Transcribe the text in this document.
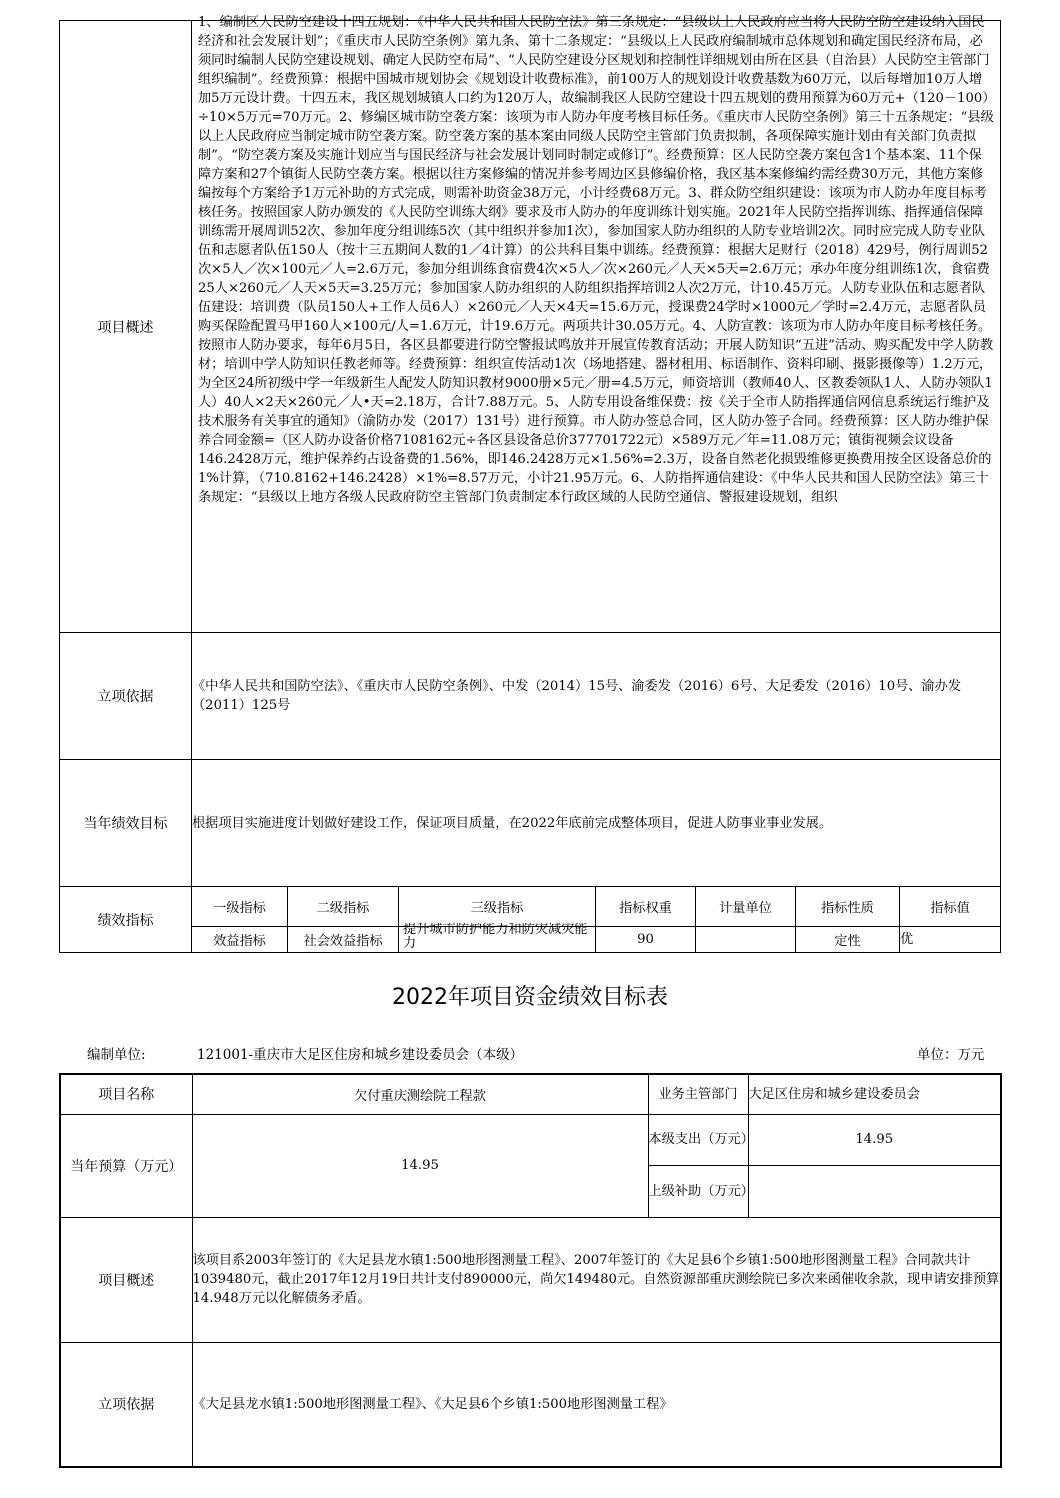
项目概述	1、编制区人民防空建设十四五规划：《中华人民共和国人民防空法》第三条规定：“县级以上人民政府应当将人民防空防空建设纳入国民经济和社会发展计划”；《重庆市人民防空条例》第九条、第十二条规定：“县级以上人民政府编制城市总体规划和确定国民经济布局，必须同时编制人民防空建设规划、确定人民防空布局”、“人民防空建设分区规划和控制性详细规划由所在区县（自治县）人民防空主管部门组织编制”。经费预算：根据中国城市规划协会《规划设计收费标准》，前100万人的规划设计收费基数为60万元，以后每增加10万人增加5万元设计费。十四五末，我区规划城镇人口约为120万人，故编制我区人民防空建设十四五规划的费用预算为60万元+（120－100）÷10×5万元=70万元。2、修编区城市防空袭方案：该项为市人防办年度考核目标任务。《重庆市人民防空条例》第三十五条规定：“县级以上人民政府应当制定城市防空袭方案。防空袭方案的基本案由同级人民防空主管部门负责拟制，各项保障实施计划由有关部门负责拟制”。“防空袭方案及实施计划应当与国民经济与社会发展计划同时制定或修订”。经费预算：区人民防空袭方案包含1个基本案、11个保障方案和27个镇街人民防空袭方案。根据以往方案修编的情况并参考周边区县修编价格，我区基本案修编约需经费30万元，其他方案修编按每个方案给予1万元补助的方式完成，则需补助资金38万元，小计经费68万元。3、群众防空组织建设：该项为市人防办年度目标考核任务。按照国家人防办颁发的《人民防空训练大纲》要求及市人防办的年度训练计划实施。2021年人民防空指挥训练、指挥通信保障训练需开展周训52次、参加年度分组训练5次（其中组织并参加1次），参加国家人防办组织的人防专业培训2次。同时应完成人防专业队伍和志愿者队伍150人（按十三五期间人数的1／4计算）的公共科目集中训练。经费预算：根据大足财行（2018）429号，例行周训52次×5人／次×100元／人=2.6万元，参加分组训练食宿费4次×5人／次×260元／人天×5天=2.6万元；承办年度分组训练1次，食宿费25人×260元／人天×5天=3.25万元；参加国家人防办组织的人防组织指挥培训2人次2万元，计10.45万元。人防专业队伍和志愿者队伍建设：培训费（队员150人+工作人员6人）×260元／人天×4天=15.6万元，授课费24学时×1000元／学时=2.4万元，志愿者队员购买保险配置马甲160人×100元/人=1.6万元，计19.6万元。两项共计30.05万元。4、人防宣教：该项为市人防办年度目标考核任务。按照市人防办要求，每年6月5日，各区县都要进行防空警报试鸣放并开展宣传教育活动；开展人防知识“五进”活动、购买配发中学人防教材；培训中学人防知识任教老师等。经费预算：组织宣传活动1次（场地搭建、器材租用、标语制作、资料印刷、摄影摄像等）1.2万元，为全区24所初级中学一年级新生人配发人防知识教材9000册×5元／册=4.5万元，师资培训（教师40人、区教委领队1人、人防办领队1人）40人×2天×260元／人•天=2.18万，合计7.88万元。5、人防专用设备维保费：按《关于全市人防指挥通信网信息系统运行维护及技术服务有关事宜的通知》（渝防办发（2017）131号）进行预算。市人防办签总合同，区人防办签子合同。经费预算：区人防办维护保养合同金额=（区人防办设备价格7108162元÷各区县设备总价377701722元）×589万元／年=11.08万元；镇街视频会议设备146.2428万元，维护保养约占设备费的1.56%，即146.2428万元×1.56%=2.3万，设备自然老化损毁维修更换费用按全区设备总价的1%计算，（710.8162+146.2428）×1%=8.57万元，小计21.95万元。6、人防指挥通信建设：《中华人民共和国人民防空法》第三十条规定：“县级以上地方各级人民政府防空主管部门负责制定本行政区域的人民防空通信、警报建设规划，组织						

立项依据	《中华人民共和国防空法》、《重庆市人民防空条例》、中发（2014）15号、渝委发（2016）6号、大足委发（2016）10号、渝办发（2011）125号						
当年绩效目标	根据项目实施进度计划做好建设工作，保证项目质量，在2022年底前完成整体项目，促进人防事业事业发展。						
绩效指标	一级指标	二级指标	三级指标	指标权重	计量单位	指标性质	指标值
	效益指标	社会效益指标	提升城市防护能力和防灾减灾能力	90		定性	优
2022年项目资金绩效目标表
编制单位:	121001-重庆市大足区住房和城乡建设委员会（本级）	单位：万元
项目名称	欠付重庆测绘院工程款	业务主管部门	大足区住房和城乡建设委员会
当年预算（万元）	14.95	本级支出（万元）	14.95
		上级补助（万元）	
项目概述	该项目系2003年签订的《大足县龙水镇1:500地形图测量工程》、2007年签订的《大足县6个乡镇1:500地形图测量工程》合同款共计1039480元，截止2017年12月19日共计支付890000元，尚欠149480元。自然资源部重庆测绘院已多次来函催收余款，现申请安排预算14.948万元以化解债务矛盾。		
立项依据	《大足县龙水镇1:500地形图测量工程》、《大足县6个乡镇1:500地形图测量工程》		
